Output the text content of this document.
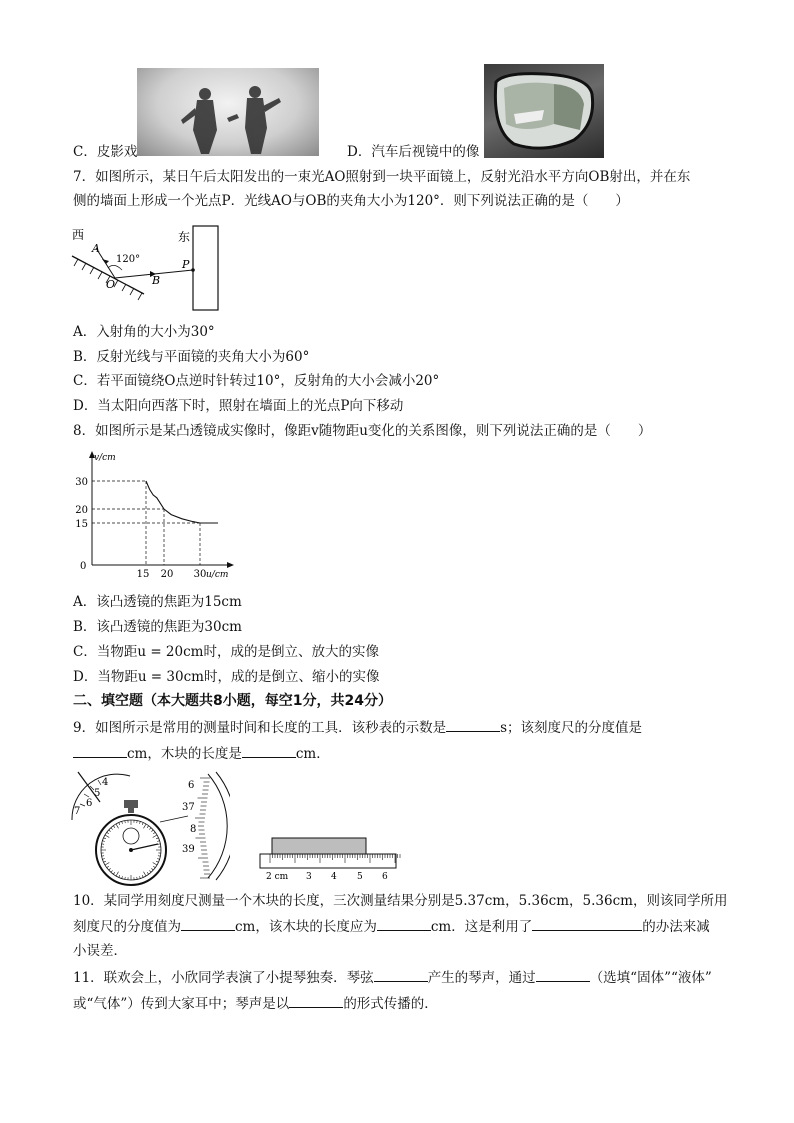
C．皮影戏	D．汽车后视镜中的像
7．如图所示，某日午后太阳发出的一束光AO照射到一块平面镜上，反射光沿水平方向OB射出，并在东
侧的墙面上形成一个光点P．光线AO与OB的夹角大小为120°．则下列说法正确的是（　　）
西	东
A
120°
O	B
P
A．入射角的大小为30°
B．反射光线与平面镜的夹角大小为60°
C．若平面镜绕O点逆时针转过10°，反射角的大小会减小20°
D．当太阳向西落下时，照射在墙面上的光点P向下移动
8．如图所示是某凸透镜成实像时，像距v随物距u变化的关系图像，则下列说法正确的是（　　）
v/cm
u/cm
0
15 20 30
30
20
15
A．该凸透镜的焦距为15cm
B．该凸透镜的焦距为30cm
C．当物距u = 20cm时，成的是倒立、放大的实像
D．当物距u = 30cm时，成的是倒立、缩小的实像
二、填空题（本大题共8小题，每空1分，共24分）
9．如图所示是常用的测量时间和长度的工具．该秒表的示数是	s；该刻度尺的分度值是
cm，木块的长度是	cm．
4
5
6
7
6
37
8
39
2 cm 3 4 5 6
10．某同学用刻度尺测量一个木块的长度，三次测量结果分别是5.37cm，5.36cm，5.36cm，则该同学所用
刻度尺的分度值为	cm，该木块的长度应为	cm．这是利用了	的办法来减
小误差．
11．联欢会上，小欣同学表演了小提琴独奏．琴弦	产生的琴声，通过	（选填“固体”“液体”
或“气体”）传到大家耳中；琴声是以	的形式传播的．
